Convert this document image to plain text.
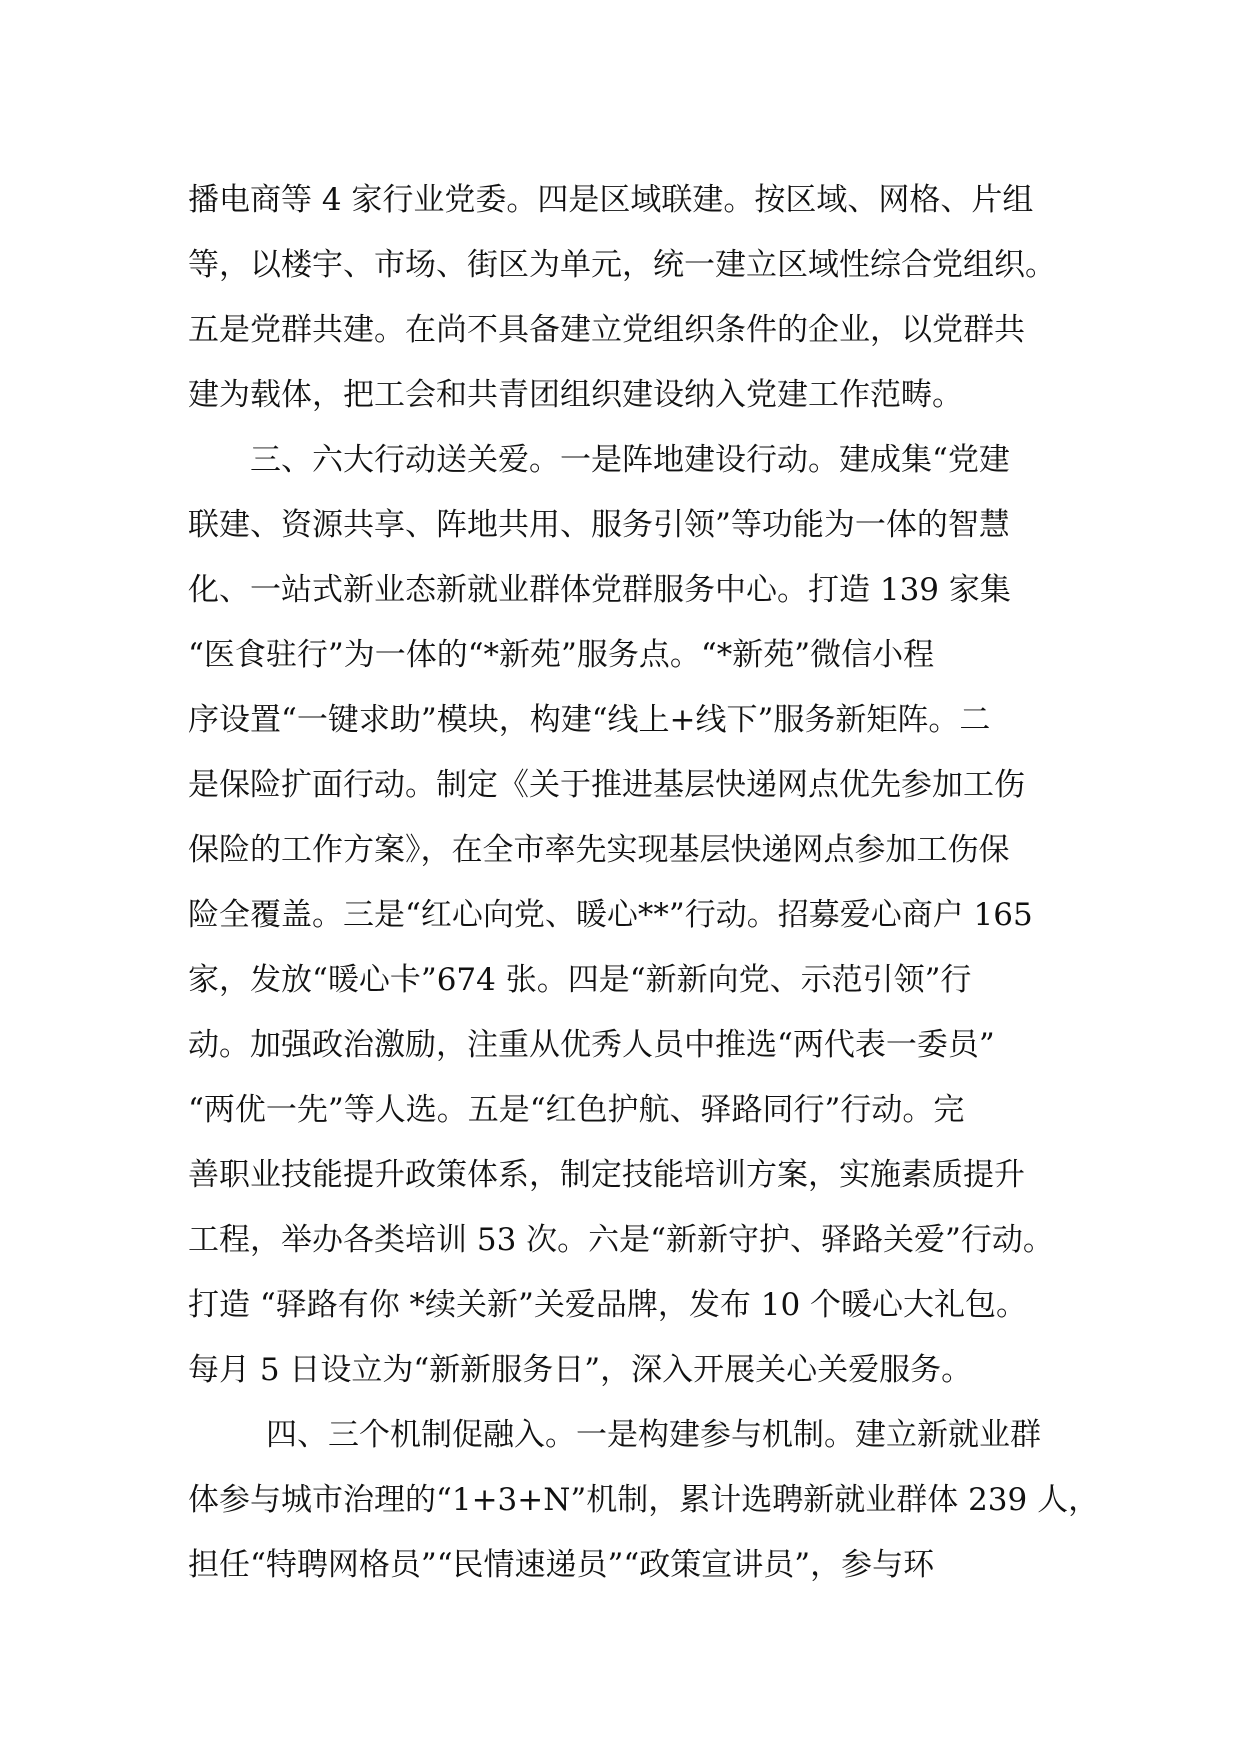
播电商等 4 家行业党委。四是区域联建。按区域、网格、片组
等，以楼宇、市场、街区为单元，统一建立区域性综合党组织。
五是党群共建。在尚不具备建立党组织条件的企业，以党群共
建为载体，把工会和共青团组织建设纳入党建工作范畴。
三、六大行动送关爱。一是阵地建设行动。建成集“党建
联建、资源共享、阵地共用、服务引领”等功能为一体的智慧
化、一站式新业态新就业群体党群服务中心。打造 139 家集
“医食驻行”为一体的“*新苑”服务点。“*新苑”微信小程
序设置“一键求助”模块，构建“线上+线下”服务新矩阵。二
是保险扩面行动。制定《关于推进基层快递网点优先参加工伤
保险的工作方案》，在全市率先实现基层快递网点参加工伤保
险全覆盖。三是“红心向党、暖心**”行动。招募爱心商户 165
家，发放“暖心卡”674 张。四是“新新向党、示范引领”行
动。加强政治激励，注重从优秀人员中推选“两代表一委员”
“两优一先”等人选。五是“红色护航、驿路同行”行动。完
善职业技能提升政策体系，制定技能培训方案，实施素质提升
工程，举办各类培训 53 次。六是“新新守护、驿路关爱”行动。
打造 “驿路有你 *续关新”关爱品牌，发布 10 个暖心大礼包。
每月 5 日设立为“新新服务日”，深入开展关心关爱服务。
四、三个机制促融入。一是构建参与机制。建立新就业群
体参与城市治理的“1+3+N”机制，累计选聘新就业群体 239 人，
担任“特聘网格员”“民情速递员”“政策宣讲员”，参与环
